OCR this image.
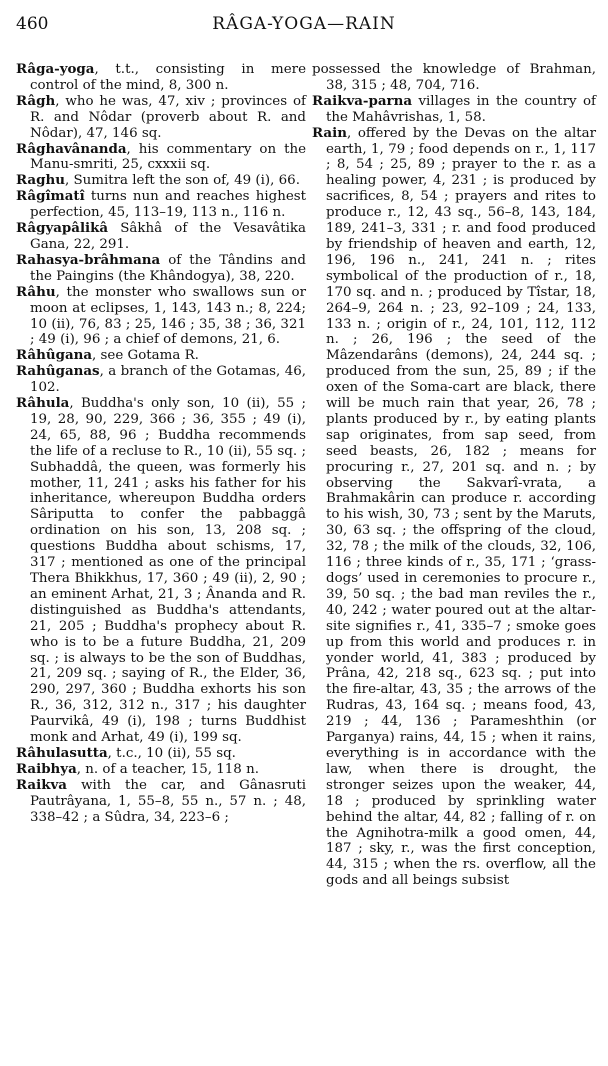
460	RÂGA-YOGA—RAIN

Râga-yoga, t.t., consisting in mere control of the mind, 8, 300 n.

Râgh, who he was, 47, xiv ; provinces of R. and Nôdar (proverb about R. and Nôdar), 47, 146 sq.

Râghavânanda, his commentary on the Manu-smriti, 25, cxxxii sq.

Raghu, Sumitra left the son of, 49 (i), 66.

Râgîmatî turns nun and reaches highest perfection, 45, 113–19, 113 n., 116 n.

Râgyapâlikâ Sâkhâ of the Vesavâtika Gana, 22, 291.

Rahasya-brâhmana of the Tândins and the Paingins (the Khândogya), 38, 220.

Râhu, the monster who swallows sun or moon at eclipses, 1, 143, 143 n.; 8, 224; 10 (ii), 76, 83 ; 25, 146 ; 35, 38 ; 36, 321 ; 49 (i), 96 ; a chief of demons, 21, 6.

Râhûgana, see Gotama R.

Rahûganas, a branch of the Gotamas, 46, 102.

Râhula, Buddha's only son, 10 (ii), 55 ; 19, 28, 90, 229, 366 ; 36, 355 ; 49 (i), 24, 65, 88, 96 ; Buddha recommends the life of a recluse to R., 10 (ii), 55 sq. ; Subhaddâ, the queen, was formerly his mother, 11, 241 ; asks his father for his inheritance, whereupon Buddha orders Sâriputta to confer the pabbaggâ ordination on his son, 13, 208 sq. ; questions Buddha about schisms, 17, 317 ; mentioned as one of the principal Thera Bhikkhus, 17, 360 ; 49 (ii), 2, 90 ; an eminent Arhat, 21, 3 ; Ânanda and R. distinguished as Buddha's attendants, 21, 205 ; Buddha's prophecy about R. who is to be a future Buddha, 21, 209 sq. ; is always to be the son of Buddhas, 21, 209 sq. ; saying of R., the Elder, 36, 290, 297, 360 ; Buddha exhorts his son R., 36, 312, 312 n., 317 ; his daughter Paurvikâ, 49 (i), 198 ; turns Buddhist monk and Arhat, 49 (i), 199 sq.

Râhulasutta, t.c., 10 (ii), 55 sq.

Raibhya, n. of a teacher, 15, 118 n.

Raikva with the car, and Gânasruti Pautrâyana, 1, 55–8, 55 n., 57 n. ; 48, 338–42 ; a Sûdra, 34, 223–6 ;

possessed the knowledge of Brahman, 38, 315 ; 48, 704, 716.

Raikva-parna villages in the country of the Mahâvrishas, 1, 58.

Rain, offered by the Devas on the altar earth, 1, 79 ; food depends on r., 1, 117 ; 8, 54 ; 25, 89 ; prayer to the r. as a healing power, 4, 231 ; is produced by sacrifices, 8, 54 ; prayers and rites to produce r., 12, 43 sq., 56–8, 143, 184, 189, 241–3, 331 ; r. and food produced by friendship of heaven and earth, 12, 196, 196 n., 241, 241 n. ; rites symbolical of the production of r., 18, 170 sq. and n. ; produced by Tîstar, 18, 264–9, 264 n. ; 23, 92–109 ; 24, 133, 133 n. ; origin of r., 24, 101, 112, 112 n. ; 26, 196 ; the seed of the Mâzendarâns (demons), 24, 244 sq. ; produced from the sun, 25, 89 ; if the oxen of the Soma-cart are black, there will be much rain that year, 26, 78 ; plants produced by r., by eating plants sap originates, from sap seed, from seed beasts, 26, 182 ; means for procuring r., 27, 201 sq. and n. ; by observing the Sakvarî-vrata, a Brahmakârin can produce r. according to his wish, 30, 73 ; sent by the Maruts, 30, 63 sq. ; the offspring of the cloud, 32, 78 ; the milk of the clouds, 32, 106, 116 ; three kinds of r., 35, 171 ; ‘grass-dogs’ used in ceremonies to procure r., 39, 50 sq. ; the bad man reviles the r., 40, 242 ; water poured out at the altar-site signifies r., 41, 335–7 ; smoke goes up from this world and produces r. in yonder world, 41, 383 ; produced by Prâna, 42, 218 sq., 623 sq. ; put into the fire-altar, 43, 35 ; the arrows of the Rudras, 43, 164 sq. ; means food, 43, 219 ; 44, 136 ; Parameshthin (or Parganya) rains, 44, 15 ; when it rains, everything is in accordance with the law, when there is drought, the stronger seizes upon the weaker, 44, 18 ; produced by sprinkling water behind the altar, 44, 82 ; falling of r. on the Agnihotra-milk a good omen, 44, 187 ; sky, r., was the first conception, 44, 315 ; when the rs. overflow, all the gods and all beings subsist
